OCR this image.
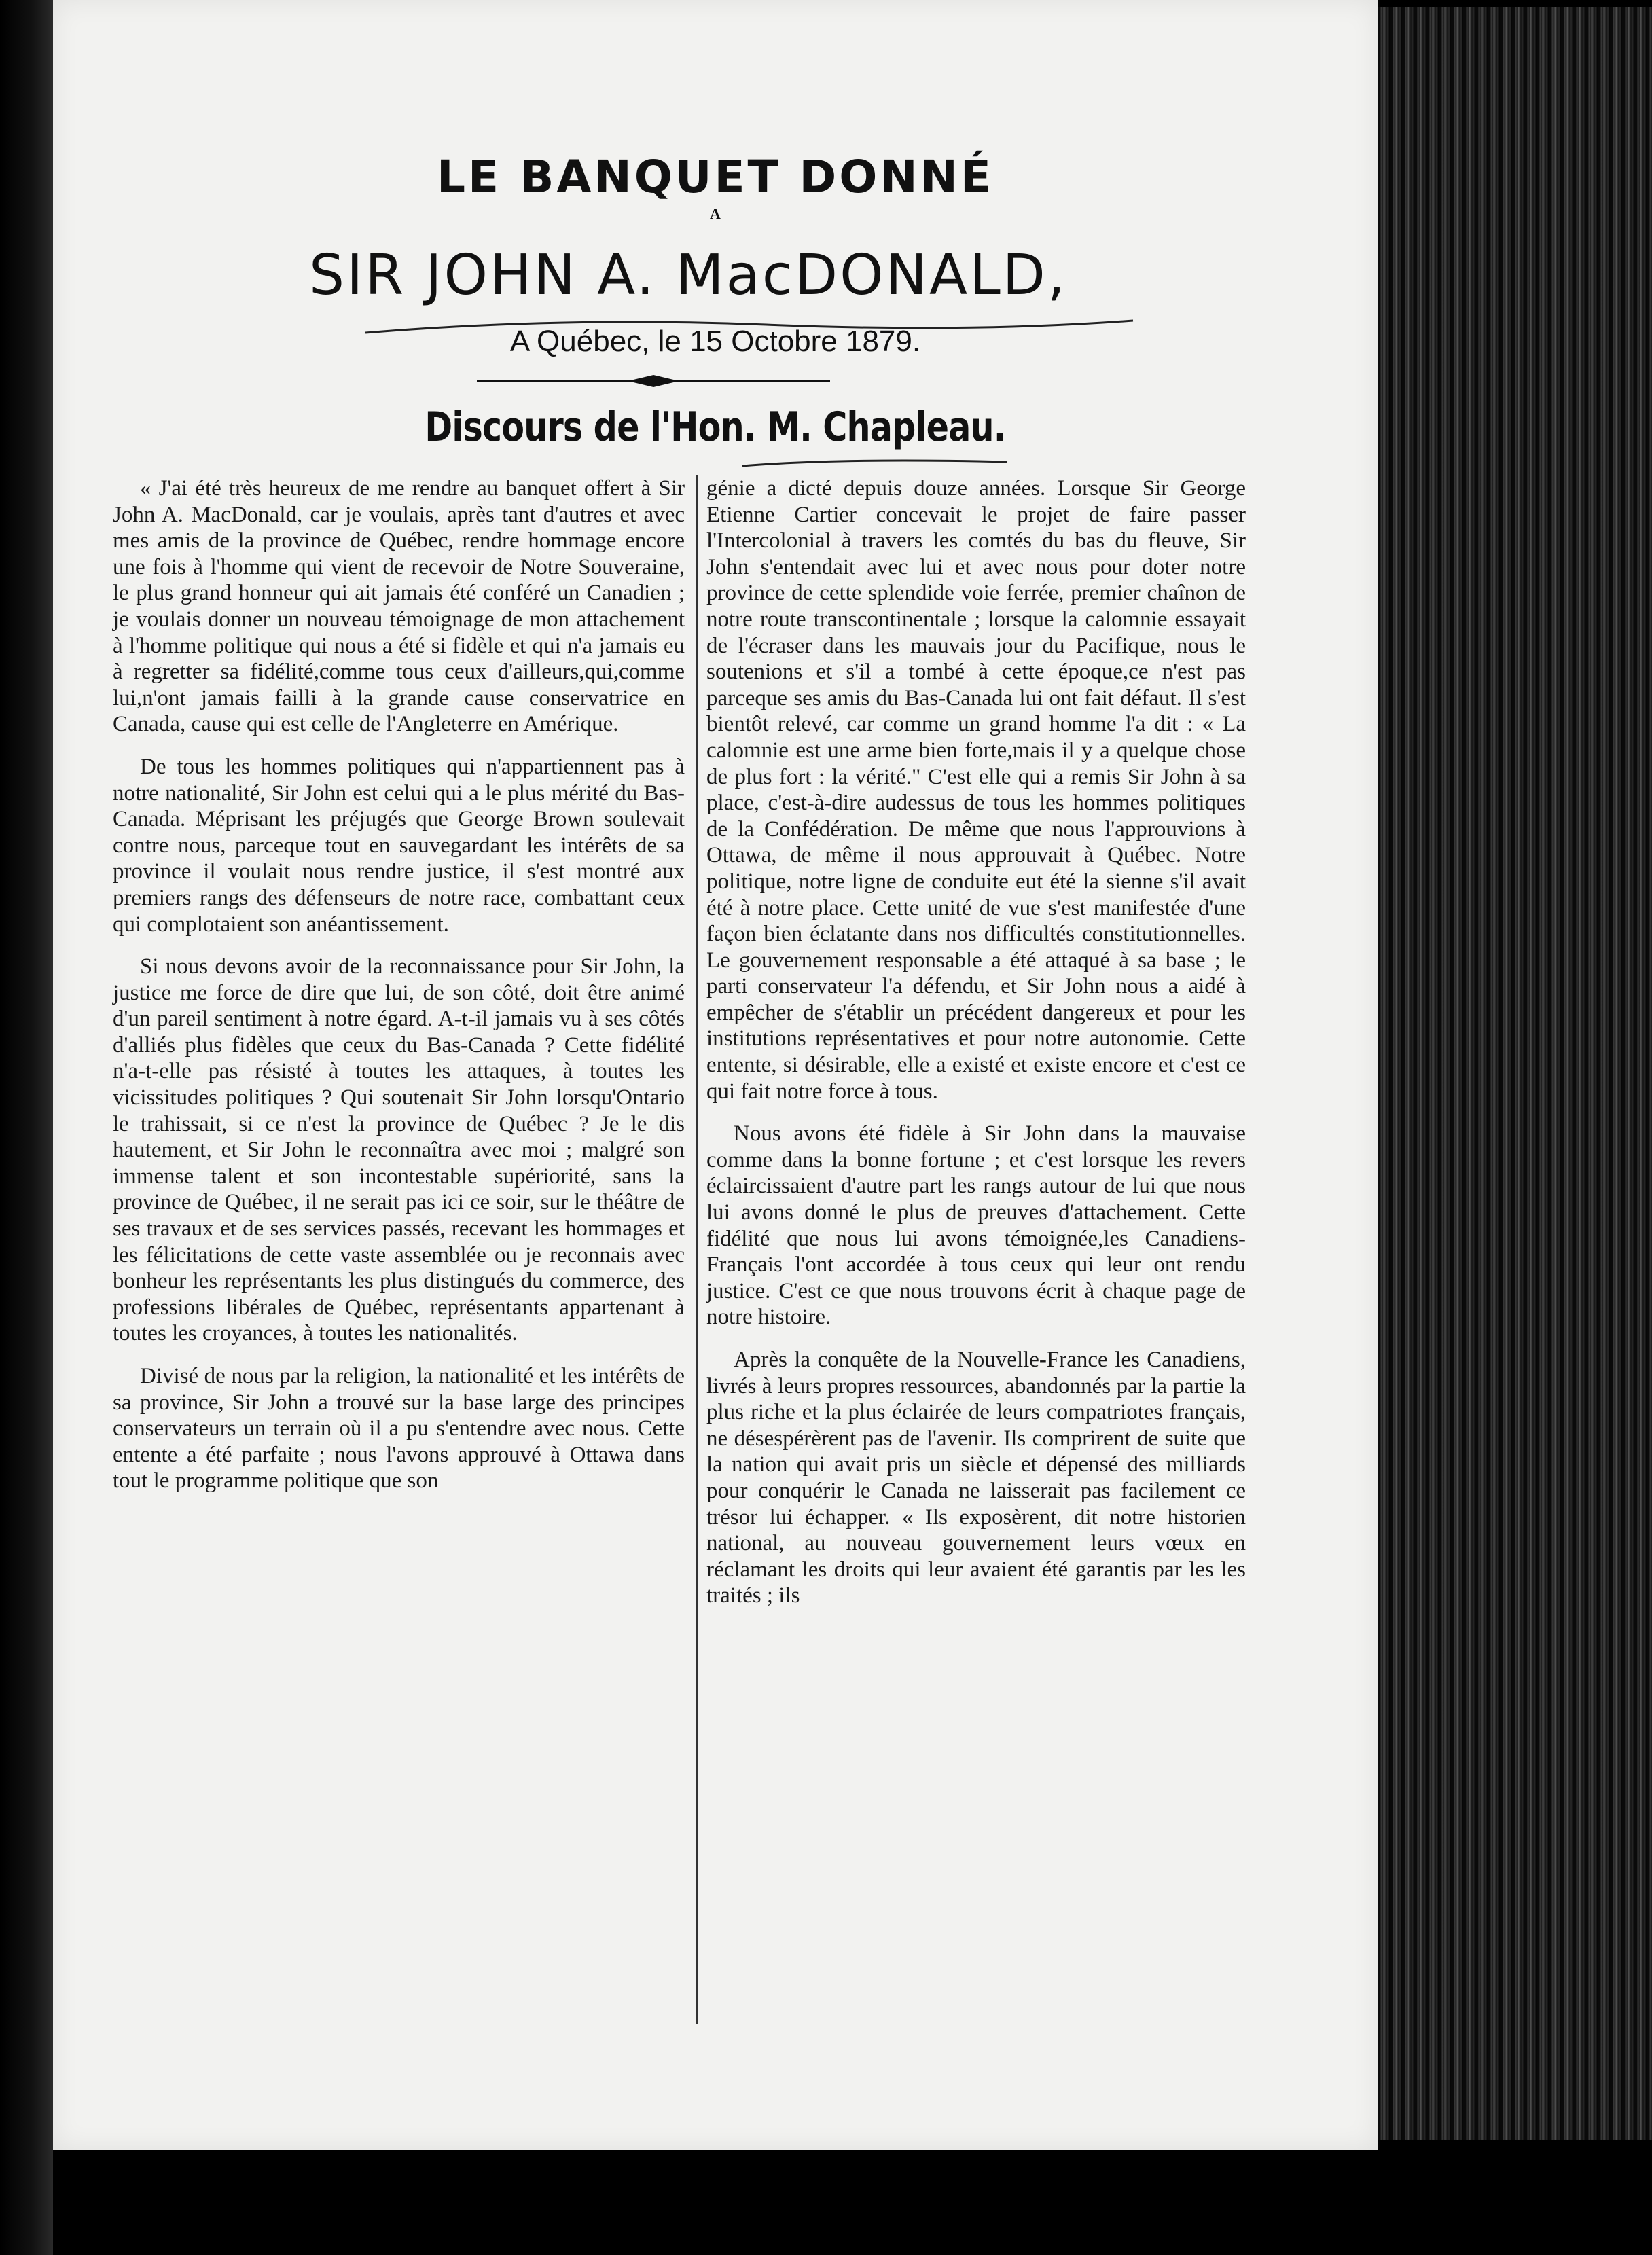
LE BANQUET DONNÉ
A
SIR JOHN A. MacDONALD,
A Québec, le 15 Octobre 1879.
Discours de l'Hon. M. Chapleau.

« J'ai été très heureux de me rendre au banquet offert à Sir John A. MacDonald, car je voulais, après tant d'autres et avec mes amis de la province de Québec, rendre hommage encore une fois à l'homme qui vient de recevoir de Notre Souveraine, le plus grand honneur qui ait jamais été conféré un Canadien ; je voulais donner un nouveau témoignage de mon attachement à l'homme politique qui nous a été si fidèle et qui n'a jamais eu à regretter sa fidélité,comme tous ceux d'ailleurs,qui,comme lui,n'ont jamais failli à la grande cause conservatrice en Canada, cause qui est celle de l'Angleterre en Amérique.

De tous les hommes politiques qui n'appartiennent pas à notre nationalité, Sir John est celui qui a le plus mérité du Bas-Canada. Méprisant les préjugés que George Brown soulevait contre nous, parceque tout en sauvegardant les intérêts de sa province il voulait nous rendre justice, il s'est montré aux premiers rangs des défenseurs de notre race, combattant ceux qui complotaient son anéantissement.

Si nous devons avoir de la reconnaissance pour Sir John, la justice me force de dire que lui, de son côté, doit être animé d'un pareil sentiment à notre égard. A-t-il jamais vu à ses côtés d'alliés plus fidèles que ceux du Bas-Canada ? Cette fidélité n'a-t-elle pas résisté à toutes les attaques, à toutes les vicissitudes politiques ? Qui soutenait Sir John lorsqu'Ontario le trahissait, si ce n'est la province de Québec ? Je le dis hautement, et Sir John le reconnaîtra avec moi ; malgré son immense talent et son incontestable supériorité, sans la province de Québec, il ne serait pas ici ce soir, sur le théâtre de ses travaux et de ses services passés, recevant les hommages et les félicitations de cette vaste assemblée ou je reconnais avec bonheur les représentants les plus distingués du commerce, des professions libérales de Québec, représentants appartenant à toutes les croyances, à toutes les nationalités.

Divisé de nous par la religion, la nationalité et les intérêts de sa province, Sir John a trouvé sur la base large des principes conservateurs un terrain où il a pu s'entendre avec nous. Cette entente a été parfaite ; nous l'avons approuvé à Ottawa dans tout le programme politique que son

génie a dicté depuis douze années. Lorsque Sir George Etienne Cartier concevait le projet de faire passer l'Intercolonial à travers les comtés du bas du fleuve, Sir John s'entendait avec lui et avec nous pour doter notre province de cette splendide voie ferrée, premier chaînon de notre route transcontinentale ; lorsque la calomnie essayait de l'écraser dans les mauvais jour du Pacifique, nous le soutenions et s'il a tombé à cette époque,ce n'est pas parceque ses amis du Bas-Canada lui ont fait défaut. Il s'est bientôt relevé, car comme un grand homme l'a dit : « La calomnie est une arme bien forte,mais il y a quelque chose de plus fort : la vérité." C'est elle qui a remis Sir John à sa place, c'est-à-dire audessus de tous les hommes politiques de la Confédération. De même que nous l'approuvions à Ottawa, de même il nous approuvait à Québec. Notre politique, notre ligne de conduite eut été la sienne s'il avait été à notre place. Cette unité de vue s'est manifestée d'une façon bien éclatante dans nos difficultés constitutionnelles. Le gouvernement responsable a été attaqué à sa base ; le parti conservateur l'a défendu, et Sir John nous a aidé à empêcher de s'établir un précédent dangereux et pour les institutions représentatives et pour notre autonomie. Cette entente, si désirable, elle a existé et existe encore et c'est ce qui fait notre force à tous.

Nous avons été fidèle à Sir John dans la mauvaise comme dans la bonne fortune ; et c'est lorsque les revers éclaircissaient d'autre part les rangs autour de lui que nous lui avons donné le plus de preuves d'attachement. Cette fidélité que nous lui avons témoignée,les Canadiens-Français l'ont accordée à tous ceux qui leur ont rendu justice. C'est ce que nous trouvons écrit à chaque page de notre histoire.

Après la conquête de la Nouvelle-France les Canadiens, livrés à leurs propres ressources, abandonnés par la partie la plus riche et la plus éclairée de leurs compatriotes français, ne désespérèrent pas de l'avenir. Ils comprirent de suite que la nation qui avait pris un siècle et dépensé des milliards pour conquérir le Canada ne laisserait pas facilement ce trésor lui échapper. « Ils exposèrent, dit notre historien national, au nouveau gouvernement leurs vœux en réclamant les droits qui leur avaient été garantis par les les traités ; ils
